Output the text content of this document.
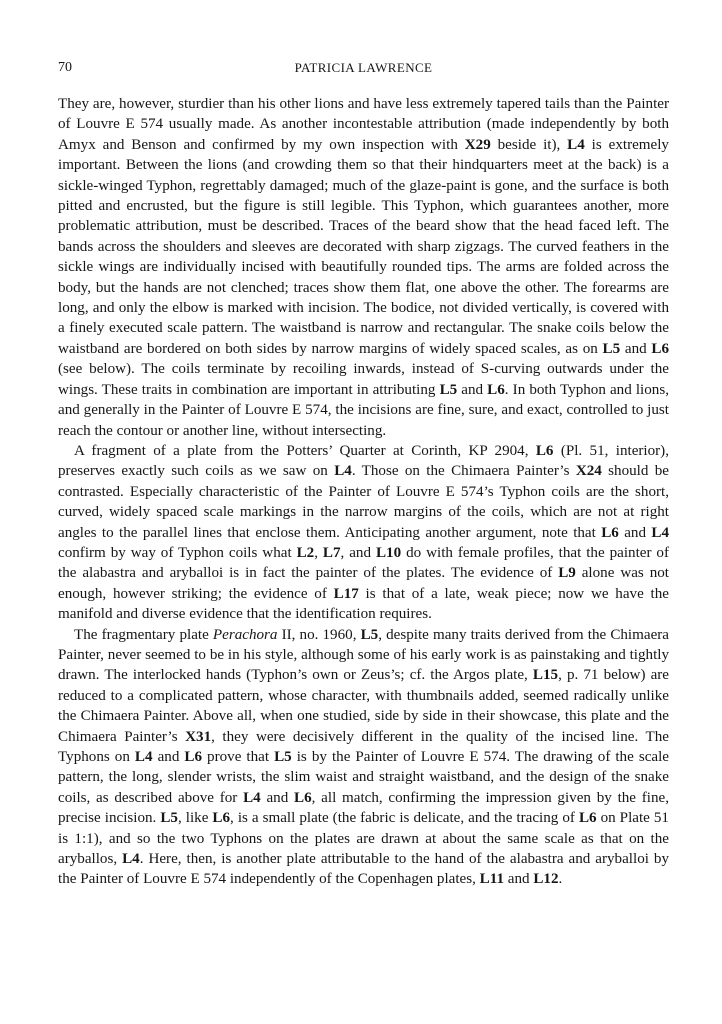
70	PATRICIA LAWRENCE

They are, however, sturdier than his other lions and have less extremely tapered tails than the Painter of Louvre E 574 usually made. As another incontestable attribution (made independently by both Amyx and Benson and confirmed by my own inspection with X29 beside it), L4 is extremely important. Between the lions (and crowding them so that their hindquarters meet at the back) is a sickle-winged Typhon, regrettably damaged; much of the glaze-paint is gone, and the surface is both pitted and encrusted, but the figure is still legible. This Typhon, which guarantees another, more problematic attribution, must be described. Traces of the beard show that the head faced left. The bands across the shoulders and sleeves are decorated with sharp zigzags. The curved feathers in the sickle wings are individually incised with beautifully rounded tips. The arms are folded across the body, but the hands are not clenched; traces show them flat, one above the other. The forearms are long, and only the elbow is marked with incision. The bodice, not divided vertically, is covered with a finely executed scale pattern. The waistband is narrow and rectangular. The snake coils below the waistband are bordered on both sides by narrow margins of widely spaced scales, as on L5 and L6 (see below). The coils terminate by recoiling inwards, instead of S-curving outwards under the wings. These traits in combination are important in attributing L5 and L6. In both Typhon and lions, and generally in the Painter of Louvre E 574, the incisions are fine, sure, and exact, controlled to just reach the contour or another line, without intersecting.

A fragment of a plate from the Potters’ Quarter at Corinth, KP 2904, L6 (Pl. 51, interior), preserves exactly such coils as we saw on L4. Those on the Chimaera Painter’s X24 should be contrasted. Especially characteristic of the Painter of Louvre E 574’s Typhon coils are the short, curved, widely spaced scale markings in the narrow margins of the coils, which are not at right angles to the parallel lines that enclose them. Anticipating another argument, note that L6 and L4 confirm by way of Typhon coils what L2, L7, and L10 do with female profiles, that the painter of the alabastra and aryballoi is in fact the painter of the plates. The evidence of L9 alone was not enough, however striking; the evidence of L17 is that of a late, weak piece; now we have the manifold and diverse evidence that the identification requires.

The fragmentary plate Perachora II, no. 1960, L5, despite many traits derived from the Chimaera Painter, never seemed to be in his style, although some of his early work is as painstaking and tightly drawn. The interlocked hands (Typhon’s own or Zeus’s; cf. the Argos plate, L15, p. 71 below) are reduced to a complicated pattern, whose character, with thumbnails added, seemed radically unlike the Chimaera Painter. Above all, when one studied, side by side in their showcase, this plate and the Chimaera Painter’s X31, they were decisively different in the quality of the incised line. The Typhons on L4 and L6 prove that L5 is by the Painter of Louvre E 574. The drawing of the scale pattern, the long, slender wrists, the slim waist and straight waistband, and the design of the snake coils, as described above for L4 and L6, all match, confirming the impression given by the fine, precise incision. L5, like L6, is a small plate (the fabric is delicate, and the tracing of L6 on Plate 51 is 1:1), and so the two Typhons on the plates are drawn at about the same scale as that on the aryballos, L4. Here, then, is another plate attributable to the hand of the alabastra and aryballoi by the Painter of Louvre E 574 independently of the Copenhagen plates, L11 and L12.
